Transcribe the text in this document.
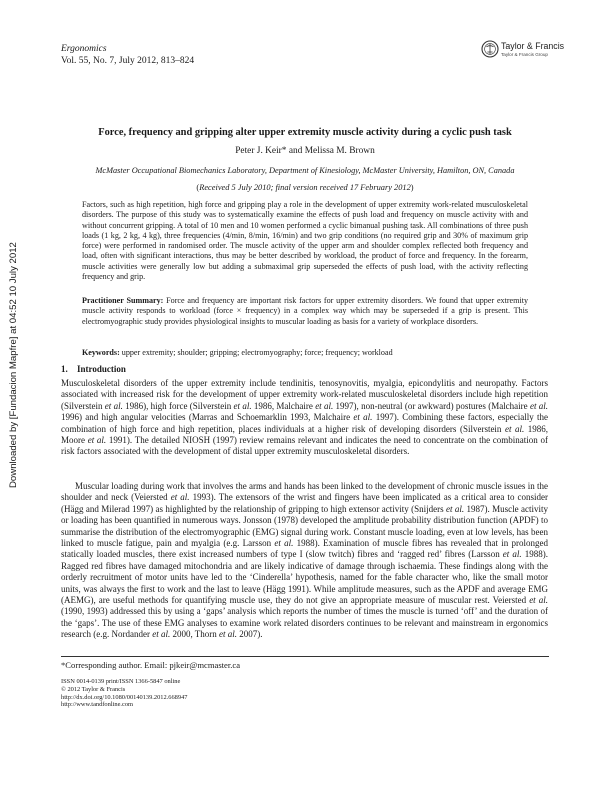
Ergonomics
Vol. 55, No. 7, July 2012, 813–824
Taylor & Francis
Taylor & Francis Group
Downloaded by [Fundacion Mapfre] at 04:52 10 July 2012
Force, frequency and gripping alter upper extremity muscle activity during a cyclic push task
Peter J. Keir* and Melissa M. Brown
McMaster Occupational Biomechanics Laboratory, Department of Kinesiology, McMaster University, Hamilton, ON, Canada
(Received 5 July 2010; final version received 17 February 2012)
Factors, such as high repetition, high force and gripping play a role in the development of upper extremity work-related musculoskeletal disorders. The purpose of this study was to systematically examine the effects of push load and frequency on muscle activity with and without concurrent gripping. A total of 10 men and 10 women performed a cyclic bimanual pushing task. All combinations of three push loads (1 kg, 2 kg, 4 kg), three frequencies (4/min, 8/min, 16/min) and two grip conditions (no required grip and 30% of maximum grip force) were performed in randomised order. The muscle activity of the upper arm and shoulder complex reflected both frequency and load, often with significant interactions, thus may be better described by workload, the product of force and frequency. In the forearm, muscle activities were generally low but adding a submaximal grip superseded the effects of push load, with the activity reflecting frequency and grip.
Practitioner Summary: Force and frequency are important risk factors for upper extremity disorders. We found that upper extremity muscle activity responds to workload (force × frequency) in a complex way which may be superseded if a grip is present. This electromyographic study provides physiological insights to muscular loading as basis for a variety of workplace disorders.
Keywords: upper extremity; shoulder; gripping; electromyography; force; frequency; workload
1. Introduction
Musculoskeletal disorders of the upper extremity include tendinitis, tenosynovitis, myalgia, epicondylitis and neuropathy. Factors associated with increased risk for the development of upper extremity work-related musculoskeletal disorders include high repetition (Silverstein et al. 1986), high force (Silverstein et al. 1986, Malchaire et al. 1997), non-neutral (or awkward) postures (Malchaire et al. 1996) and high angular velocities (Marras and Schoemarklin 1993, Malchaire et al. 1997). Combining these factors, especially the combination of high force and high repetition, places individuals at a higher risk of developing disorders (Silverstein et al. 1986, Moore et al. 1991). The detailed NIOSH (1997) review remains relevant and indicates the need to concentrate on the combination of risk factors associated with the development of distal upper extremity musculoskeletal disorders.
Muscular loading during work that involves the arms and hands has been linked to the development of chronic muscle issues in the shoulder and neck (Veiersted et al. 1993). The extensors of the wrist and fingers have been implicated as a critical area to consider (Hägg and Milerad 1997) as highlighted by the relationship of gripping to high extensor activity (Snijders et al. 1987). Muscle activity or loading has been quantified in numerous ways. Jonsson (1978) developed the amplitude probability distribution function (APDF) to summarise the distribution of the electromyographic (EMG) signal during work. Constant muscle loading, even at low levels, has been linked to muscle fatigue, pain and myalgia (e.g. Larsson et al. 1988). Examination of muscle fibres has revealed that in prolonged statically loaded muscles, there exist increased numbers of type I (slow twitch) fibres and ‘ragged red’ fibres (Larsson et al. 1988). Ragged red fibres have damaged mitochondria and are likely indicative of damage through ischaemia. These findings along with the orderly recruitment of motor units have led to the ‘Cinderella’ hypothesis, named for the fable character who, like the small motor units, was always the first to work and the last to leave (Hägg 1991). While amplitude measures, such as the APDF and average EMG (AEMG), are useful methods for quantifying muscle use, they do not give an appropriate measure of muscular rest. Veiersted et al. (1990, 1993) addressed this by using a ‘gaps’ analysis which reports the number of times the muscle is turned ‘off’ and the duration of the ‘gaps’. The use of these EMG analyses to examine work related disorders continues to be relevant and mainstream in ergonomics research (e.g. Nordander et al. 2000, Thorn et al. 2007).
*Corresponding author. Email: pjkeir@mcmaster.ca
ISSN 0014-0139 print/ISSN 1366-5847 online
© 2012 Taylor & Francis
http://dx.doi.org/10.1080/00140139.2012.668947
http://www.tandfonline.com
